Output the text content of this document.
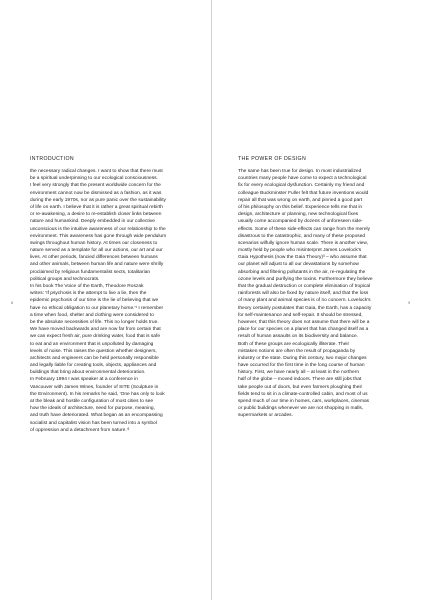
INTRODUCTION
the necessary radical changes. I want to show that there must
be a spiritual underpinning to our ecological consciousness.
I feel very strongly that the present worldwide concern for the
environment cannot now be dismissed as a fashion, as it was
during the early 1970s, nor as pure panic over the sustainability
of life on earth. I believe that it is rather a great spiritual rebirth
or re-awakening, a desire to re-establish closer links between
nature and humankind. Deeply embedded in our collective
unconscious is the intuitive awareness of our relationship to the
environment. This awareness has gone through wide pendulum
swings throughout human history. At times our closeness to
nature served as a template for all our actions, our art and our
lives. At other periods, fancied differences between humans
and other animals, between human life and nature were shrilly
proclaimed by religious fundamentalist sects, totalitarian
political groups and technocrats.
In his book The Voice of the Earth, Theodore Roszak
writes: 'If psychosis is the attempt to live a lie, then the
epidemic psychosis of our time is the lie of believing that we
have no ethical obligation to our planetary home.'¹ I remember
a time when food, shelter and clothing were considered to
be the absolute necessities of life. This no longer holds true.
We have moved backwards and are now far from certain that
we can expect fresh air, pure drinking water, food that is safe
to eat and an environment that is unpolluted by damaging
levels of noise. This raises the question whether designers,
architects and engineers can be held personally responsible
and legally liable for creating tools, objects, appliances and
buildings that bring about environmental deterioration.
In February 1994 I was speaker at a conference in
Vancouver with James Wines, founder of SITE (Sculpture in
the Environment). In his remarks he said, 'One has only to look
at the bleak and hostile configuration of most cities to see
how the ideals of architecture, need for purpose, meaning,
and truth have deteriorated. What began as an encompassing
socialist and capitalist vision has been turned into a symbol
of oppression and a detachment from nature.'²
8
THE POWER OF DESIGN
The same has been true for design. In most industrialized
countries many people have come to expect a technological
fix for every ecological dysfunction. Certainly my friend and
colleague Buckminster Fuller felt that future inventions would
repair all that was wrong on earth, and pinned a good part
of his philosophy on this belief. Experience tells me that in
design, architecture or planning, new technological fixes
usually come accompanied by dozens of unforeseen side-
effects. Some of these side-effects can range from the merely
disastrous to the catastrophic, and many of these proposed
scenarios wilfully ignore human scale. There is another view,
mostly held by people who misinterpret James Lovelock's
Gaia Hypothesis (now the Gaia Theory)³ – who assume that
our planet will adjust to all our devastations by somehow
absorbing and filtering pollutants in the air, re-regulating the
ozone levels and purifying the toxins. Furthermore they believe
that the gradual destruction or complete elimination of tropical
rainforests will also be fixed by nature itself, and that the loss
of many plant and animal species is of no concern. Lovelock's
theory certainly postulates that Gaia, the Earth, has a capacity
for self-maintenance and self-repair. It should be stressed,
however, that this theory does not assume that there will be a
place for our species on a planet that has changed itself as a
result of human assaults on its biodiversity and balance.
Both of these groups are ecologically illiterate. Their
mistaken notions are often the result of propaganda by
industry or the state. During this century, two major changes
have occurred for the first time in the long course of human
history. First, we have nearly all – at least in the northern
half of the globe – moved indoors. There are still jobs that
take people out of doors, but even farmers ploughing their
fields tend to sit in a climate-controlled cabin, and most of us
spend much of our time in homes, cars, workplaces, cinemas
or public buildings whenever we are not shopping in malls,
supermarkets or arcades.
9
